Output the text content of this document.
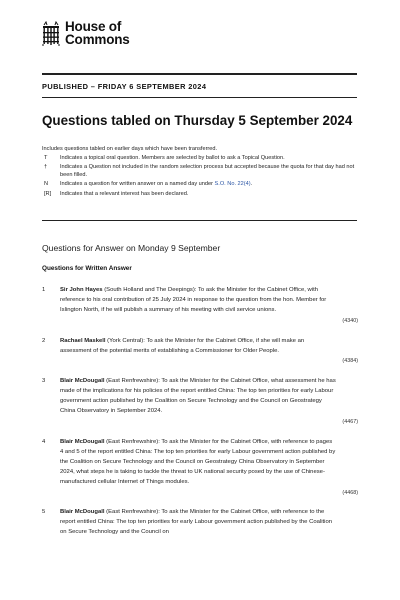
House of
Commons
PUBLISHED – FRIDAY 6 SEPTEMBER 2024
Questions tabled on Thursday 5 September 2024
Includes questions tabled on earlier days which have been transferred.
T	Indicates a topical oral question. Members are selected by ballot to ask a Topical Question.
†	Indicates a Question not included in the random selection process but accepted because the quota for that day had not been filled.
N	Indicates a question for written answer on a named day under S.O. No. 22(4).
[R]	Indicates that a relevant interest has been declared.
Questions for Answer on Monday 9 September
Questions for Written Answer
1	Sir John Hayes (South Holland and The Deepings): To ask the Minister for the Cabinet Office, with reference to his oral contribution of 25 July 2024 in response to the question from the hon. Member for Islington North, if he will publish a summary of his meeting with civil service unions.
(4340)
2	Rachael Maskell (York Central): To ask the Minister for the Cabinet Office, if she will make an assessment of the potential merits of establishing a Commissioner for Older People.
(4384)
3	Blair McDougall (East Renfrewshire): To ask the Minister for the Cabinet Office, what assessment he has made of the implications for his policies of the report entitled China: The top ten priorities for early Labour government action published by the Coalition on Secure Technology and the Council on Geostrategy China Observatory in September 2024.
(4467)
4	Blair McDougall (East Renfrewshire): To ask the Minister for the Cabinet Office, with reference to pages 4 and 5 of the report entitled China: The top ten priorities for early Labour government action published by the Coalition on Secure Technology and the Council on Geostrategy China Observatory in September 2024, what steps he is taking to tackle the threat to UK national security posed by the use of Chinese-manufactured cellular Internet of Things modules.
(4468)
5	Blair McDougall (East Renfrewshire): To ask the Minister for the Cabinet Office, with reference to the report entitled China: The top ten priorities for early Labour government action published by the Coalition on Secure Technology and the Council on
